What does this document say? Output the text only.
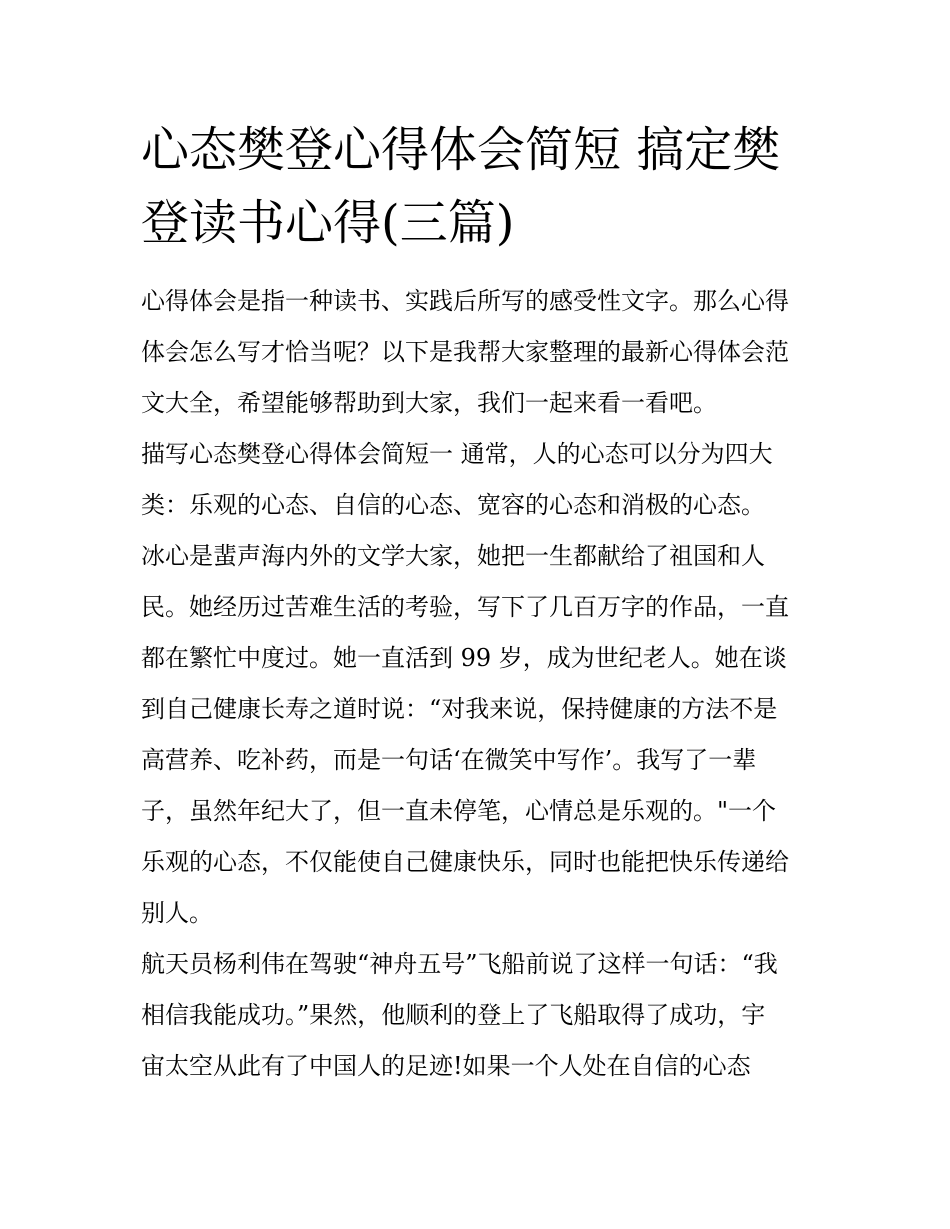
心态樊登心得体会简短 搞定樊
登读书心得(三篇)
心得体会是指一种读书、实践后所写的感受性文字。那么心得
体会怎么写才恰当呢？以下是我帮大家整理的最新心得体会范
文大全，希望能够帮助到大家，我们一起来看一看吧。
描写心态樊登心得体会简短一 通常，人的心态可以分为四大
类：乐观的心态、自信的心态、宽容的心态和消极的心态。
冰心是蜚声海内外的文学大家，她把一生都献给了祖国和人
民。她经历过苦难生活的考验，写下了几百万字的作品，一直
都在繁忙中度过。她一直活到 99 岁，成为世纪老人。她在谈
到自己健康长寿之道时说：“对我来说，保持健康的方法不是
高营养、吃补药，而是一句话‘在微笑中写作’。我写了一辈
子，虽然年纪大了，但一直未停笔，心情总是乐观的。"一个
乐观的心态，不仅能使自己健康快乐，同时也能把快乐传递给
别人。
航天员杨利伟在驾驶“神舟五号”飞船前说了这样一句话：“我
相信我能成功。”果然，他顺利的登上了飞船取得了成功，宇
宙太空从此有了中国人的足迹!如果一个人处在自信的心态
